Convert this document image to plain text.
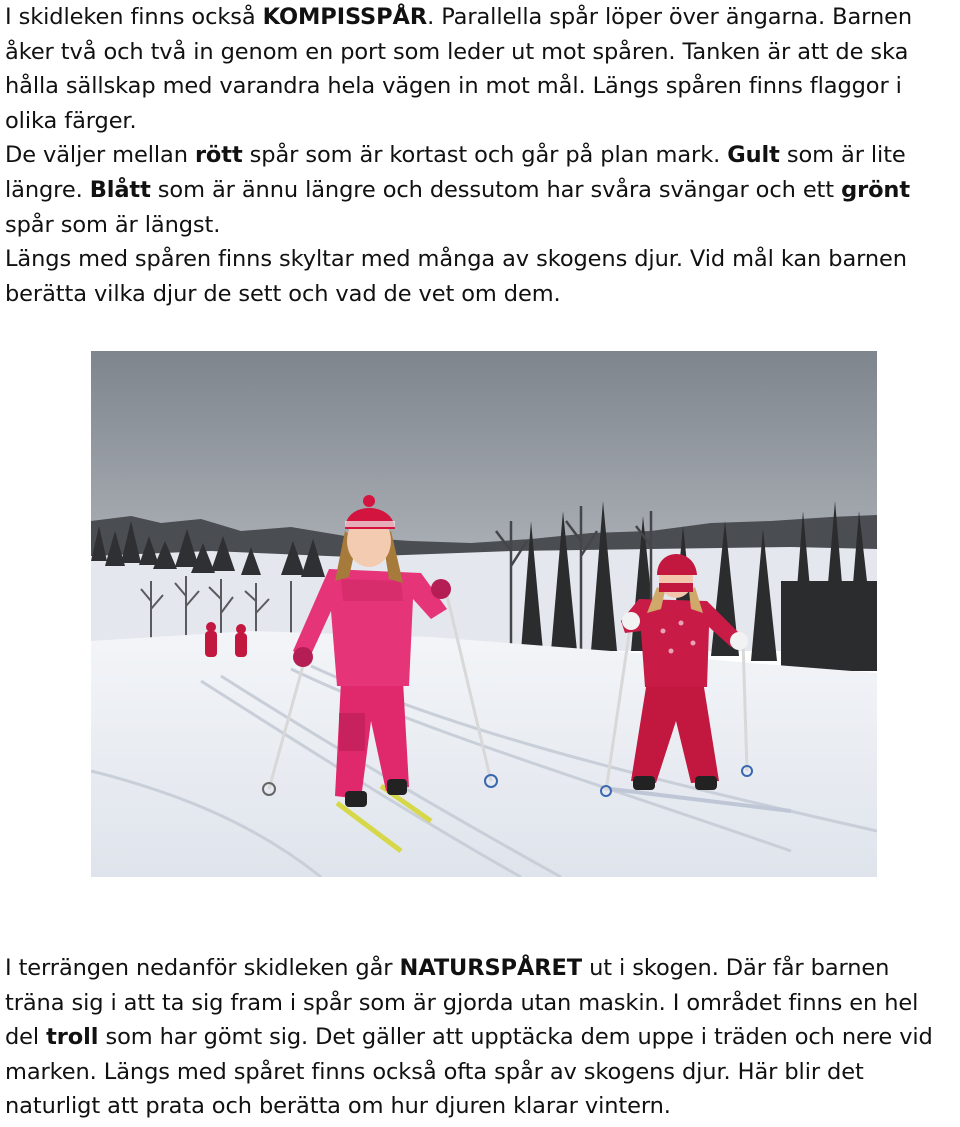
I skidleken finns också KOMPISSPÅR. Parallella spår löper över ängarna. Barnen åker två och två in genom en port som leder ut mot spåren. Tanken är att de ska hålla sällskap med varandra hela vägen in mot mål. Längs spåren finns flaggor i olika färger.

De väljer mellan rött spår som är kortast och går på plan mark. Gult som är lite längre. Blått som är ännu längre och dessutom har svåra svängar och ett grönt spår som är längst.

Längs med spåren finns skyltar med många av skogens djur. Vid mål kan barnen berätta vilka djur de sett och vad de vet om dem.

I terrängen nedanför skidleken går NATURSPÅRET ut i skogen. Där får barnen träna sig i att ta sig fram i spår som är gjorda utan maskin. I området finns en hel del troll som har gömt sig. Det gäller att upptäcka dem uppe i träden och nere vid marken. Längs med spåret finns också ofta spår av skogens djur. Här blir det naturligt att prata och berätta om hur djuren klarar vintern.
